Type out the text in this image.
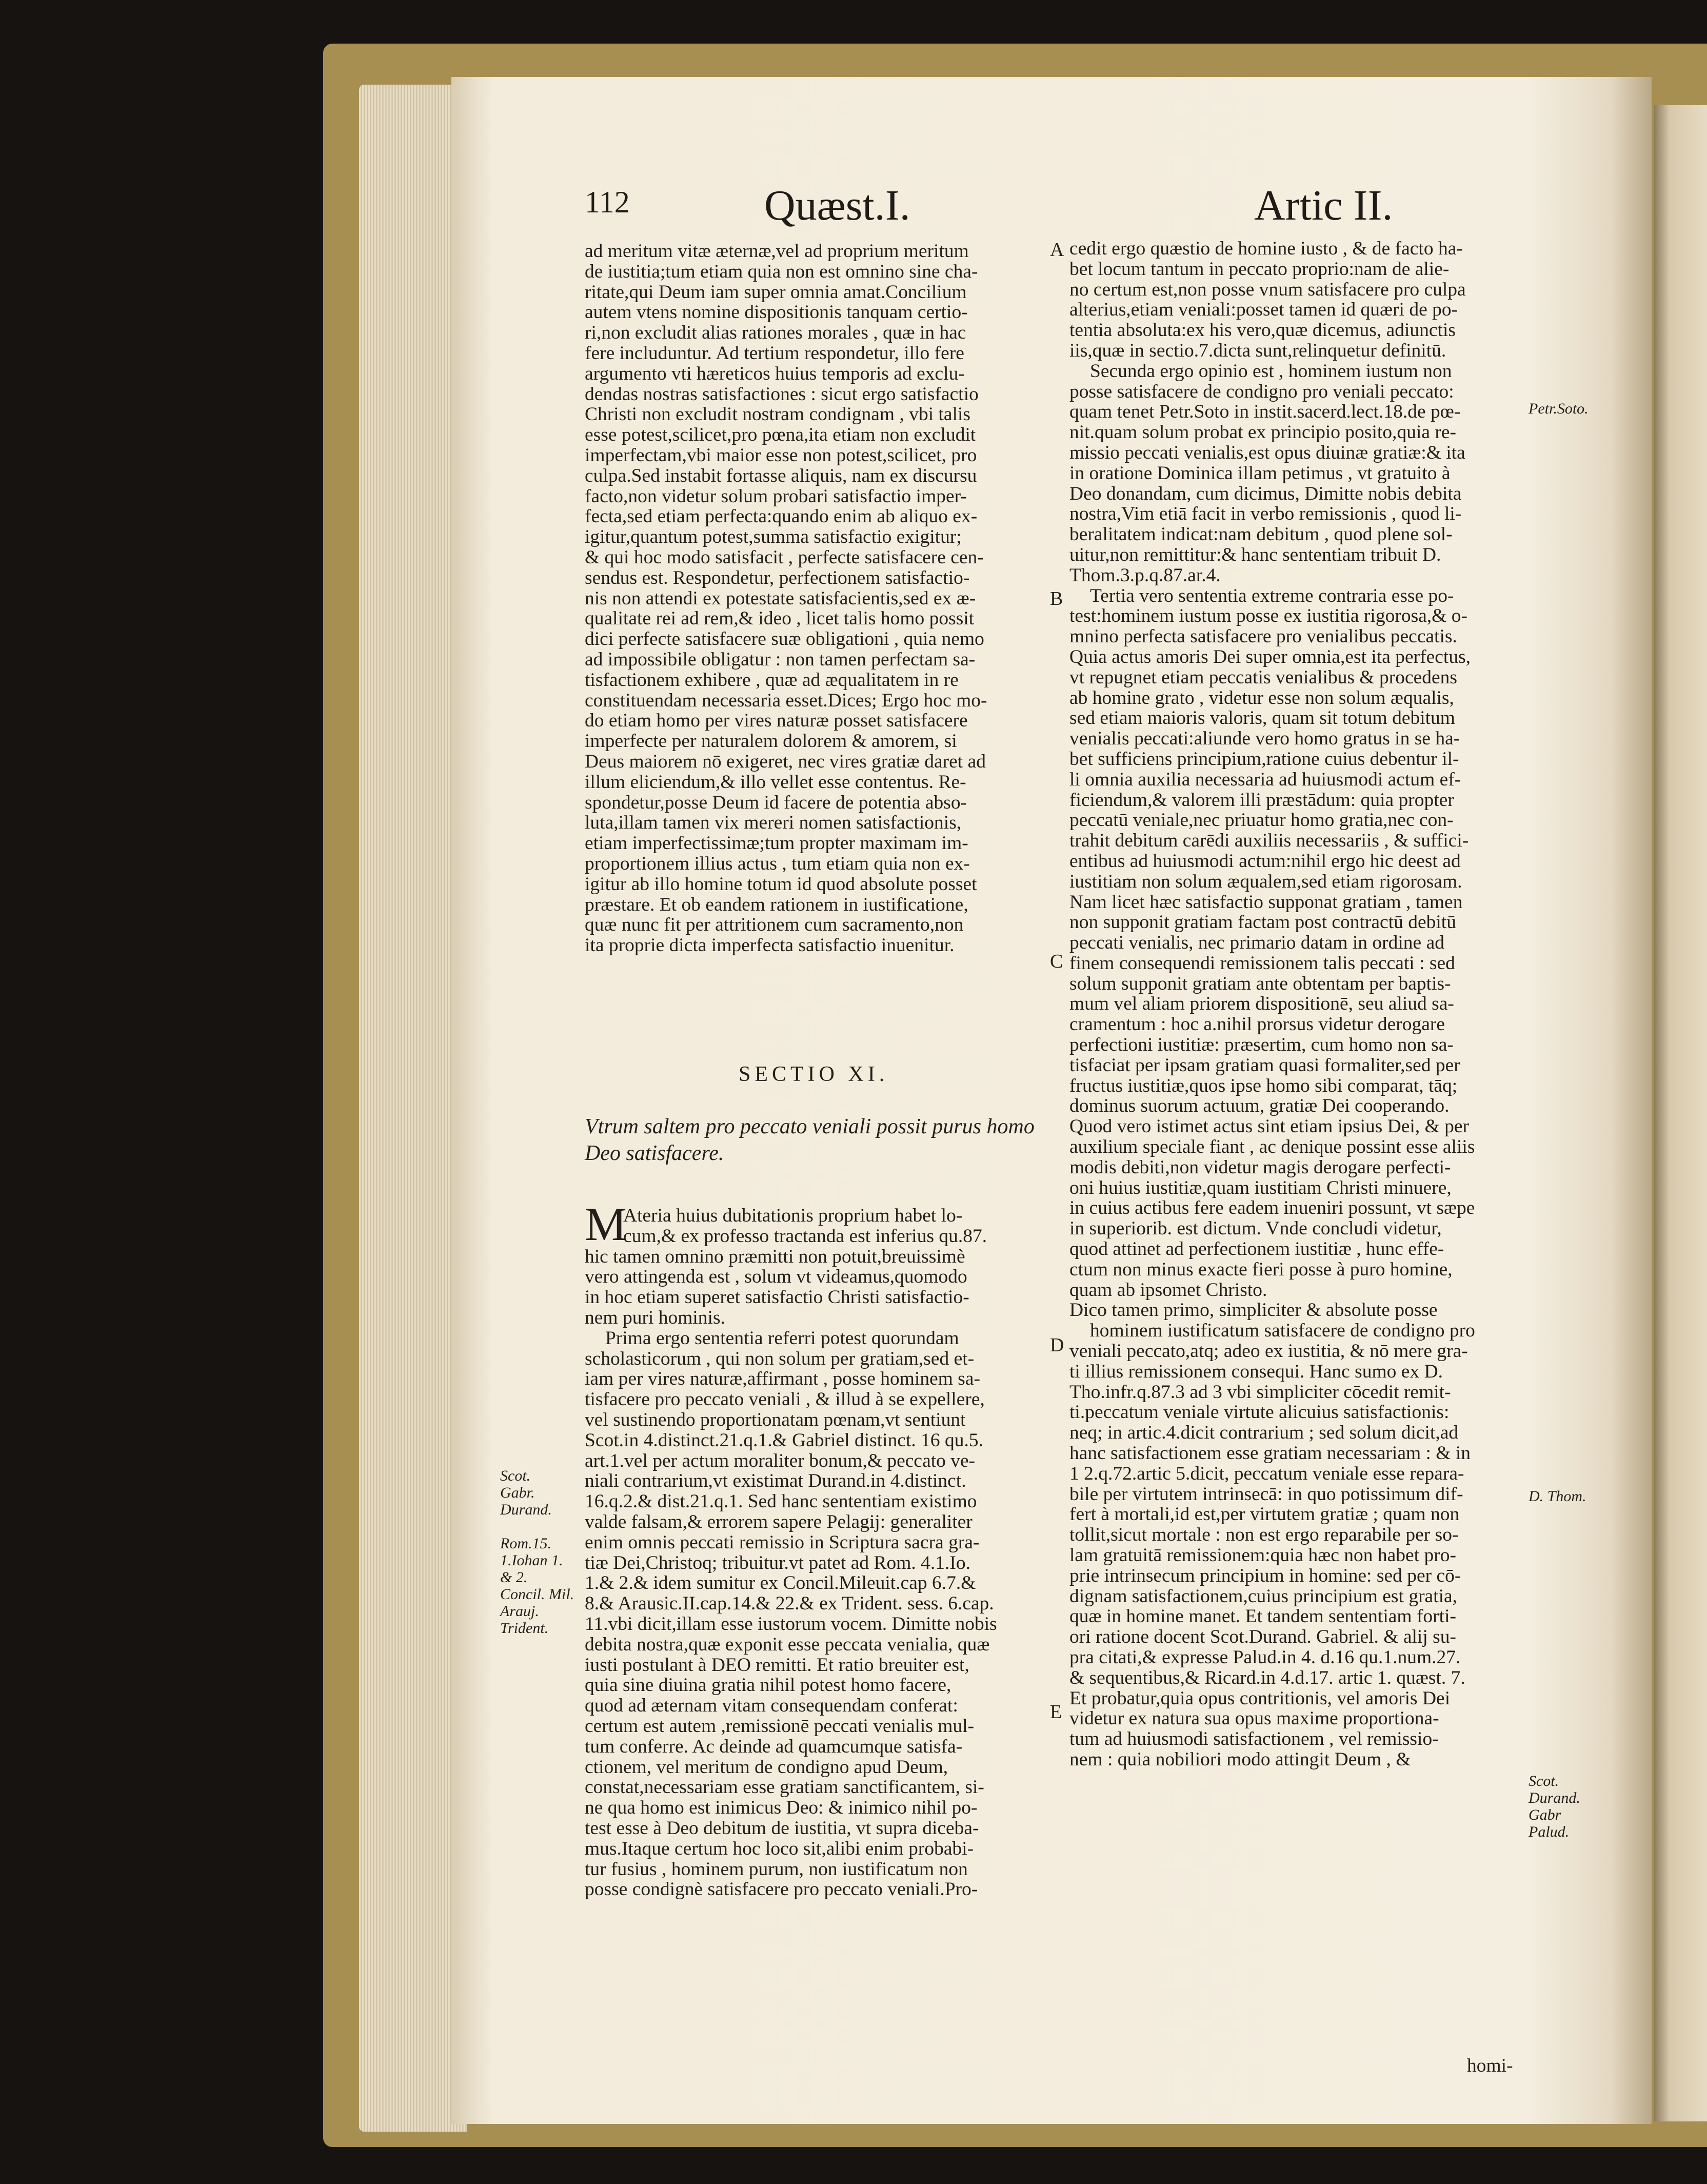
112	Quæst.I.	Artic II.
ad meritum vitæ æternæ,vel ad proprium meritum
de iustitia;tum etiam quia non est omnino sine cha-
ritate,qui Deum iam super omnia amat.Concilium
autem vtens nomine dispositionis tanquam certio-
ri,non excludit alias rationes morales , quæ in hac
fere includuntur. Ad tertium respondetur, illo fere
argumento vti hæreticos huius temporis ad exclu-
dendas nostras satisfactiones : sicut ergo satisfactio
Christi non excludit nostram condignam , vbi talis
esse potest,scilicet,pro pœna,ita etiam non excludit
imperfectam,vbi maior esse non potest,scilicet, pro
culpa.Sed instabit fortasse aliquis, nam ex discursu
facto,non videtur solum probari satisfactio imper-
fecta,sed etiam perfecta:quando enim ab aliquo ex-
igitur,quantum potest,summa satisfactio exigitur;
& qui hoc modo satisfacit , perfecte satisfacere cen-
sendus est. Respondetur, perfectionem satisfactio-
nis non attendi ex potestate satisfacientis,sed ex æ-
qualitate rei ad rem,& ideo , licet talis homo possit
dici perfecte satisfacere suæ obligationi , quia nemo
ad impossibile obligatur : non tamen perfectam sa-
tisfactionem exhibere , quæ ad æqualitatem in re
constituendam necessaria esset.Dices; Ergo hoc mo-
do etiam homo per vires naturæ posset satisfacere
imperfecte per naturalem dolorem & amorem, si
Deus maiorem nō exigeret, nec vires gratiæ daret ad
illum eliciendum,& illo vellet esse contentus. Re-
spondetur,posse Deum id facere de potentia abso-
luta,illam tamen vix mereri nomen satisfactionis,
etiam imperfectissimæ;tum propter maximam im-
proportionem illius actus , tum etiam quia non ex-
igitur ab illo homine totum id quod absolute posset
præstare. Et ob eandem rationem in iustificatione,
quæ nunc fit per attritionem cum sacramento,non
ita proprie dicta imperfecta satisfactio inuenitur.
SECTIO XI.
Vtrum saltem pro peccato veniali possit purus homo
Deo satisfacere.
M
Ateria huius dubitationis proprium habet lo-
cum,& ex professo tractanda est inferius qu.87.
hic tamen omnino præmitti non potuit,breuissimè
vero attingenda est , solum vt videamus,quomodo
in hoc etiam superet satisfactio Christi satisfactio-
nem puri hominis.
Prima ergo sententia referri potest quorundam
scholasticorum , qui non solum per gratiam,sed et-
iam per vires naturæ,affirmant , posse hominem sa-
tisfacere pro peccato veniali , & illud à se expellere,
vel sustinendo proportionatam pœnam,vt sentiunt
Scot.in 4.distinct.21.q.1.& Gabriel distinct. 16 qu.5.
art.1.vel per actum moraliter bonum,& peccato ve-
niali contrarium,vt existimat Durand.in 4.distinct.
16.q.2.& dist.21.q.1. Sed hanc sententiam existimo
valde falsam,& errorem sapere Pelagij: generaliter
enim omnis peccati remissio in Scriptura sacra gra-
tiæ Dei,Christoq; tribuitur.vt patet ad Rom. 4.1.Io.
1.& 2.& idem sumitur ex Concil.Mileuit.cap 6.7.&
8.& Arausic.II.cap.14.& 22.& ex Trident. sess. 6.cap.
11.vbi dicit,illam esse iustorum vocem. Dimitte nobis
debita nostra,quæ exponit esse peccata venialia, quæ
iusti postulant à DEO remitti. Et ratio breuiter est,
quia sine diuina gratia nihil potest homo facere,
quod ad æternam vitam consequendam conferat:
certum est autem ,remissionē peccati venialis mul-
tum conferre. Ac deinde ad quamcumque satisfa-
ctionem, vel meritum de condigno apud Deum,
constat,necessariam esse gratiam sanctificantem, si-
ne qua homo est inimicus Deo: & inimico nihil po-
test esse à Deo debitum de iustitia, vt supra diceba-
mus.Itaque certum hoc loco sit,alibi enim probabi-
tur fusius , hominem purum, non iustificatum non
posse condignè satisfacere pro peccato veniali.Pro-
Scot.
Gabr.
Durand.

Rom.15.
1.Iohan 1.
& 2.
Concil. Mil.
Arauj.
Trident.
cedit ergo quæstio de homine iusto , & de facto ha-
bet locum tantum in peccato proprio:nam de alie-
no certum est,non posse vnum satisfacere pro culpa
alterius,etiam veniali:posset tamen id quæri de po-
tentia absoluta:ex his vero,quæ dicemus, adiunctis
iis,quæ in sectio.7.dicta sunt,relinquetur definitū.
Secunda ergo opinio est , hominem iustum non
posse satisfacere de condigno pro veniali peccato:
quam tenet Petr.Soto in instit.sacerd.lect.18.de pœ-
nit.quam solum probat ex principio posito,quia re-
missio peccati venialis,est opus diuinæ gratiæ:& ita
in oratione Dominica illam petimus , vt gratuito à
Deo donandam, cum dicimus, Dimitte nobis debita
nostra,Vim etiā facit in verbo remissionis , quod li-
beralitatem indicat:nam debitum , quod plene sol-
uitur,non remittitur:& hanc sententiam tribuit D.
Thom.3.p.q.87.ar.4.
Tertia vero sententia extreme contraria esse po-
test:hominem iustum posse ex iustitia rigorosa,& o-
mnino perfecta satisfacere pro venialibus peccatis.
Quia actus amoris Dei super omnia,est ita perfectus,
vt repugnet etiam peccatis venialibus & procedens
ab homine grato , videtur esse non solum æqualis,
sed etiam maioris valoris, quam sit totum debitum
venialis peccati:aliunde vero homo gratus in se ha-
bet sufficiens principium,ratione cuius debentur il-
li omnia auxilia necessaria ad huiusmodi actum ef-
ficiendum,& valorem illi præstādum: quia propter
peccatū veniale,nec priuatur homo gratia,nec con-
trahit debitum carēdi auxiliis necessariis , & suffici-
entibus ad huiusmodi actum:nihil ergo hic deest ad
iustitiam non solum æqualem,sed etiam rigorosam.
Nam licet hæc satisfactio supponat gratiam , tamen
non supponit gratiam factam post contractū debitū
peccati venialis, nec primario datam in ordine ad
finem consequendi remissionem talis peccati : sed
solum supponit gratiam ante obtentam per baptis-
mum vel aliam priorem dispositionē, seu aliud sa-
cramentum : hoc a.nihil prorsus videtur derogare
perfectioni iustitiæ: præsertim, cum homo non sa-
tisfaciat per ipsam gratiam quasi formaliter,sed per
fructus iustitiæ,quos ipse homo sibi comparat, tāq;
dominus suorum actuum, gratiæ Dei cooperando.
Quod vero istimet actus sint etiam ipsius Dei, & per
auxilium speciale fiant , ac denique possint esse aliis
modis debiti,non videtur magis derogare perfecti-
oni huius iustitiæ,quam iustitiam Christi minuere,
in cuius actibus fere eadem inueniri possunt, vt sæpe
in superiorib. est dictum. Vnde concludi videtur,
quod attinet ad perfectionem iustitiæ , hunc effe-
ctum non minus exacte fieri posse à puro homine,
quam ab ipsomet Christo.
Dico tamen primo, simpliciter & absolute posse
hominem iustificatum satisfacere de condigno pro
veniali peccato,atq; adeo ex iustitia, & nō mere gra-
ti illius remissionem consequi. Hanc sumo ex D.
Tho.infr.q.87.3 ad 3 vbi simpliciter cōcedit remit-
ti.peccatum veniale virtute alicuius satisfactionis:
neq; in artic.4.dicit contrarium ; sed solum dicit,ad
hanc satisfactionem esse gratiam necessariam : & in
1 2.q.72.artic 5.dicit, peccatum veniale esse repara-
bile per virtutem intrinsecā: in quo potissimum dif-
fert à mortali,id est,per virtutem gratiæ ; quam non
tollit,sicut mortale : non est ergo reparabile per so-
lam gratuitā remissionem:quia hæc non habet pro-
prie intrinsecum principium in homine: sed per cō-
dignam satisfactionem,cuius principium est gratia,
quæ in homine manet. Et tandem sententiam forti-
ori ratione docent Scot.Durand. Gabriel. & alij su-
pra citati,& expresse Palud.in 4. d.16 qu.1.num.27.
& sequentibus,& Ricard.in 4.d.17. artic 1. quæst. 7.
Et probatur,quia opus contritionis, vel amoris Dei
videtur ex natura sua opus maxime proportiona-
tum ad huiusmodi satisfactionem , vel remissio-
nem : quia nobiliori modo attingit Deum , &
Petr.Soto.
D. Thom.
Scot.
Durand.
Gabr
Palud.
A
B
C
D
E
homi-
